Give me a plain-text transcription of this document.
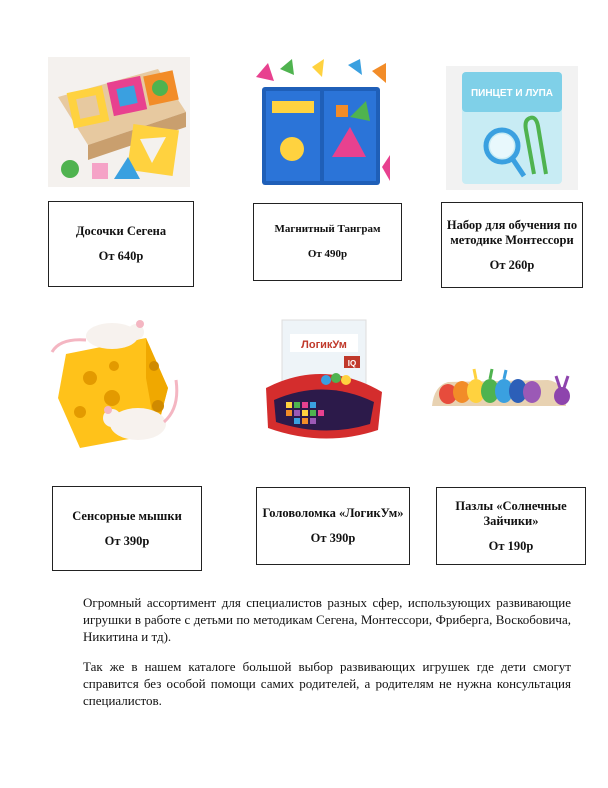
ПИНЦЕТ И ЛУПА
Досочки Сегена
От 640р
Магнитный Танграм
От 490р
Набор для обучения по методике Монтессори
От 260р
ЛогикУм
IQ
Сенсорные мышки
От 390р
Головоломка «ЛогикУм»
От 390р
Пазлы «Солнечные Зайчики»
От 190р

Огромный ассортимент для специалистов разных сфер, использующих развивающие игрушки в работе с детьми по методикам Сегена, Монтессори, Фриберга, Воскобовича, Никитина и тд).

Так же в нашем каталоге большой выбор развивающих игрушек где дети смогут справится без особой помощи самих родителей, а родителям не нужна консультация специалистов.
